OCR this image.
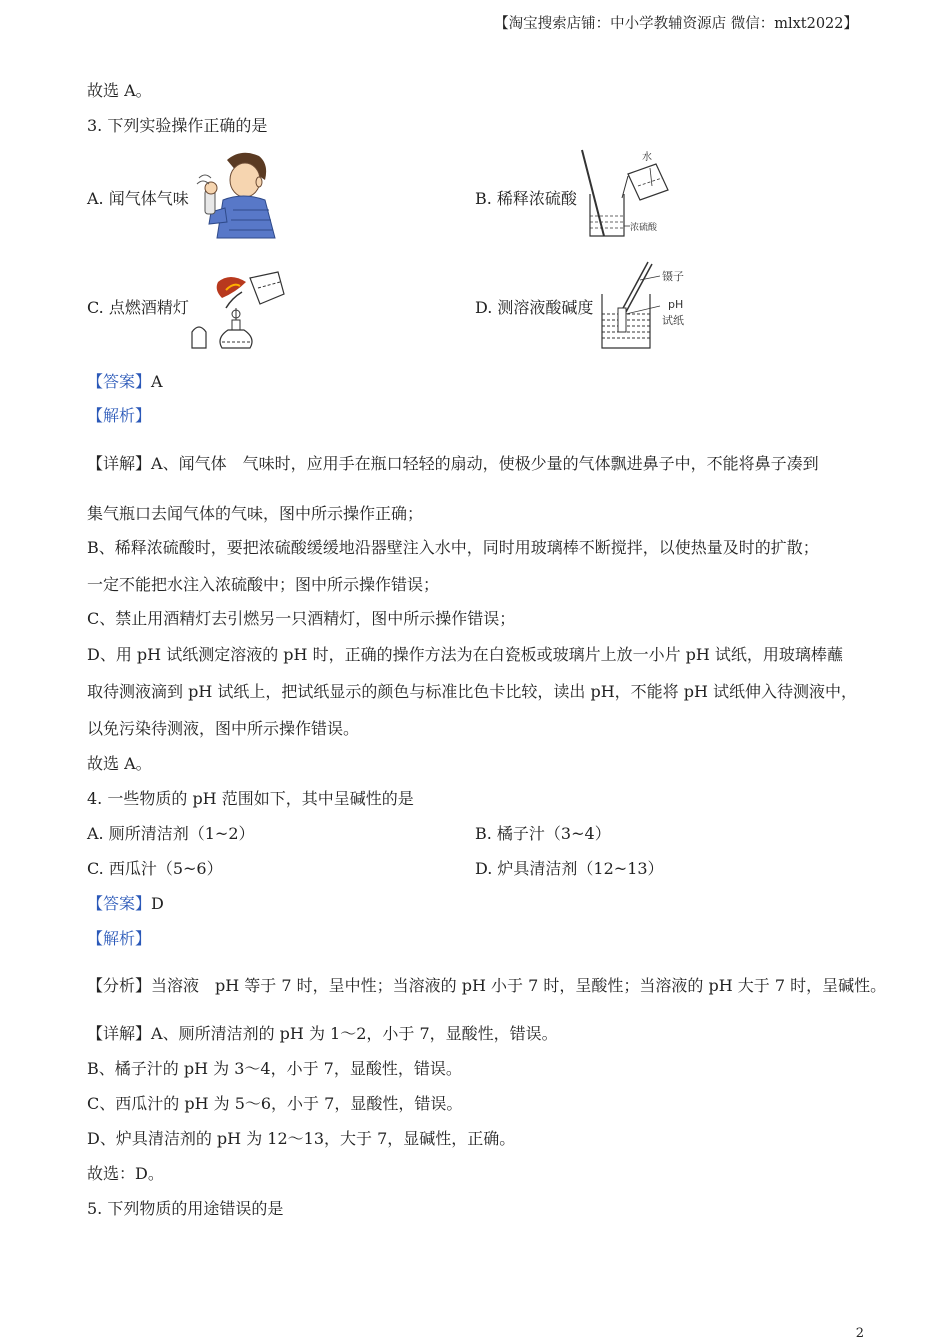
【淘宝搜索店铺：中小学教辅资源店 微信：mlxt2022】
故选 A。
3. 下列实验操作正确的是
A. 闻气体气味	B. 稀释浓硫酸
水
浓硫酸
C. 点燃酒精灯	D. 测溶液酸碱度
镊子
pH
试纸
【答案】A
【解析】
【详解】A、闻气体　气味时，应用手在瓶口轻轻的扇动，使极少量的气体飘进鼻子中，不能将鼻子凑到
集气瓶口去闻气体的气味，图中所示操作正确；
B、稀释浓硫酸时，要把浓硫酸缓缓地沿器壁注入水中，同时用玻璃棒不断搅拌，以使热量及时的扩散；
一定不能把水注入浓硫酸中；图中所示操作错误；
C、禁止用酒精灯去引燃另一只酒精灯，图中所示操作错误；
D、用 pH 试纸测定溶液的 pH 时，正确的操作方法为在白瓷板或玻璃片上放一小片 pH 试纸，用玻璃棒蘸
取待测液滴到 pH 试纸上，把试纸显示的颜色与标准比色卡比较，读出 pH，不能将 pH 试纸伸入待测液中，
以免污染待测液，图中所示操作错误。
故选 A。
4. 一些物质的 pH 范围如下，其中呈碱性的是
A. 厕所清洁剂（1~2）	B. 橘子汁（3~4）
C. 西瓜汁（5~6）	D. 炉具清洁剂（12~13）
【答案】D
【解析】
【分析】当溶液　pH 等于 7 时，呈中性；当溶液的 pH 小于 7 时，呈酸性；当溶液的 pH 大于 7 时，呈碱性。
【详解】A、厕所清洁剂的 pH 为 1～2，小于 7，显酸性，错误。
B、橘子汁的 pH 为 3～4，小于 7，显酸性，错误。
C、西瓜汁的 pH 为 5～6，小于 7，显酸性，错误。
D、炉具清洁剂的 pH 为 12～13，大于 7，显碱性，正确。
故选：D。
5. 下列物质的用途错误的是
2
